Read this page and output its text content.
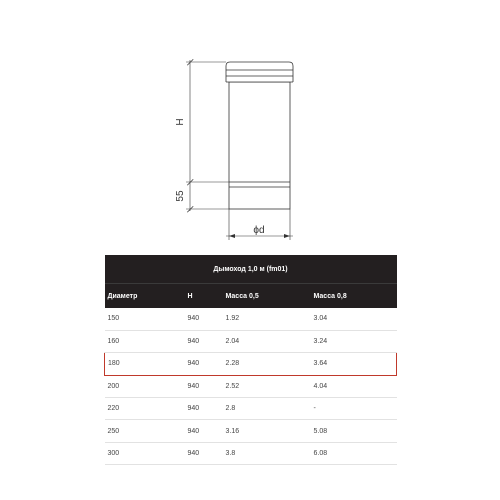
H
55
ϕd
Дымоход 1,0 м (fm01)			
Диаметр	H	Масса 0,5	Масса 0,8
150	940	1.92	3.04
160	940	2.04	3.24
180	940	2.28	3.64
200	940	2.52	4.04
220	940	2.8	-
250	940	3.16	5.08
300	940	3.8	6.08
